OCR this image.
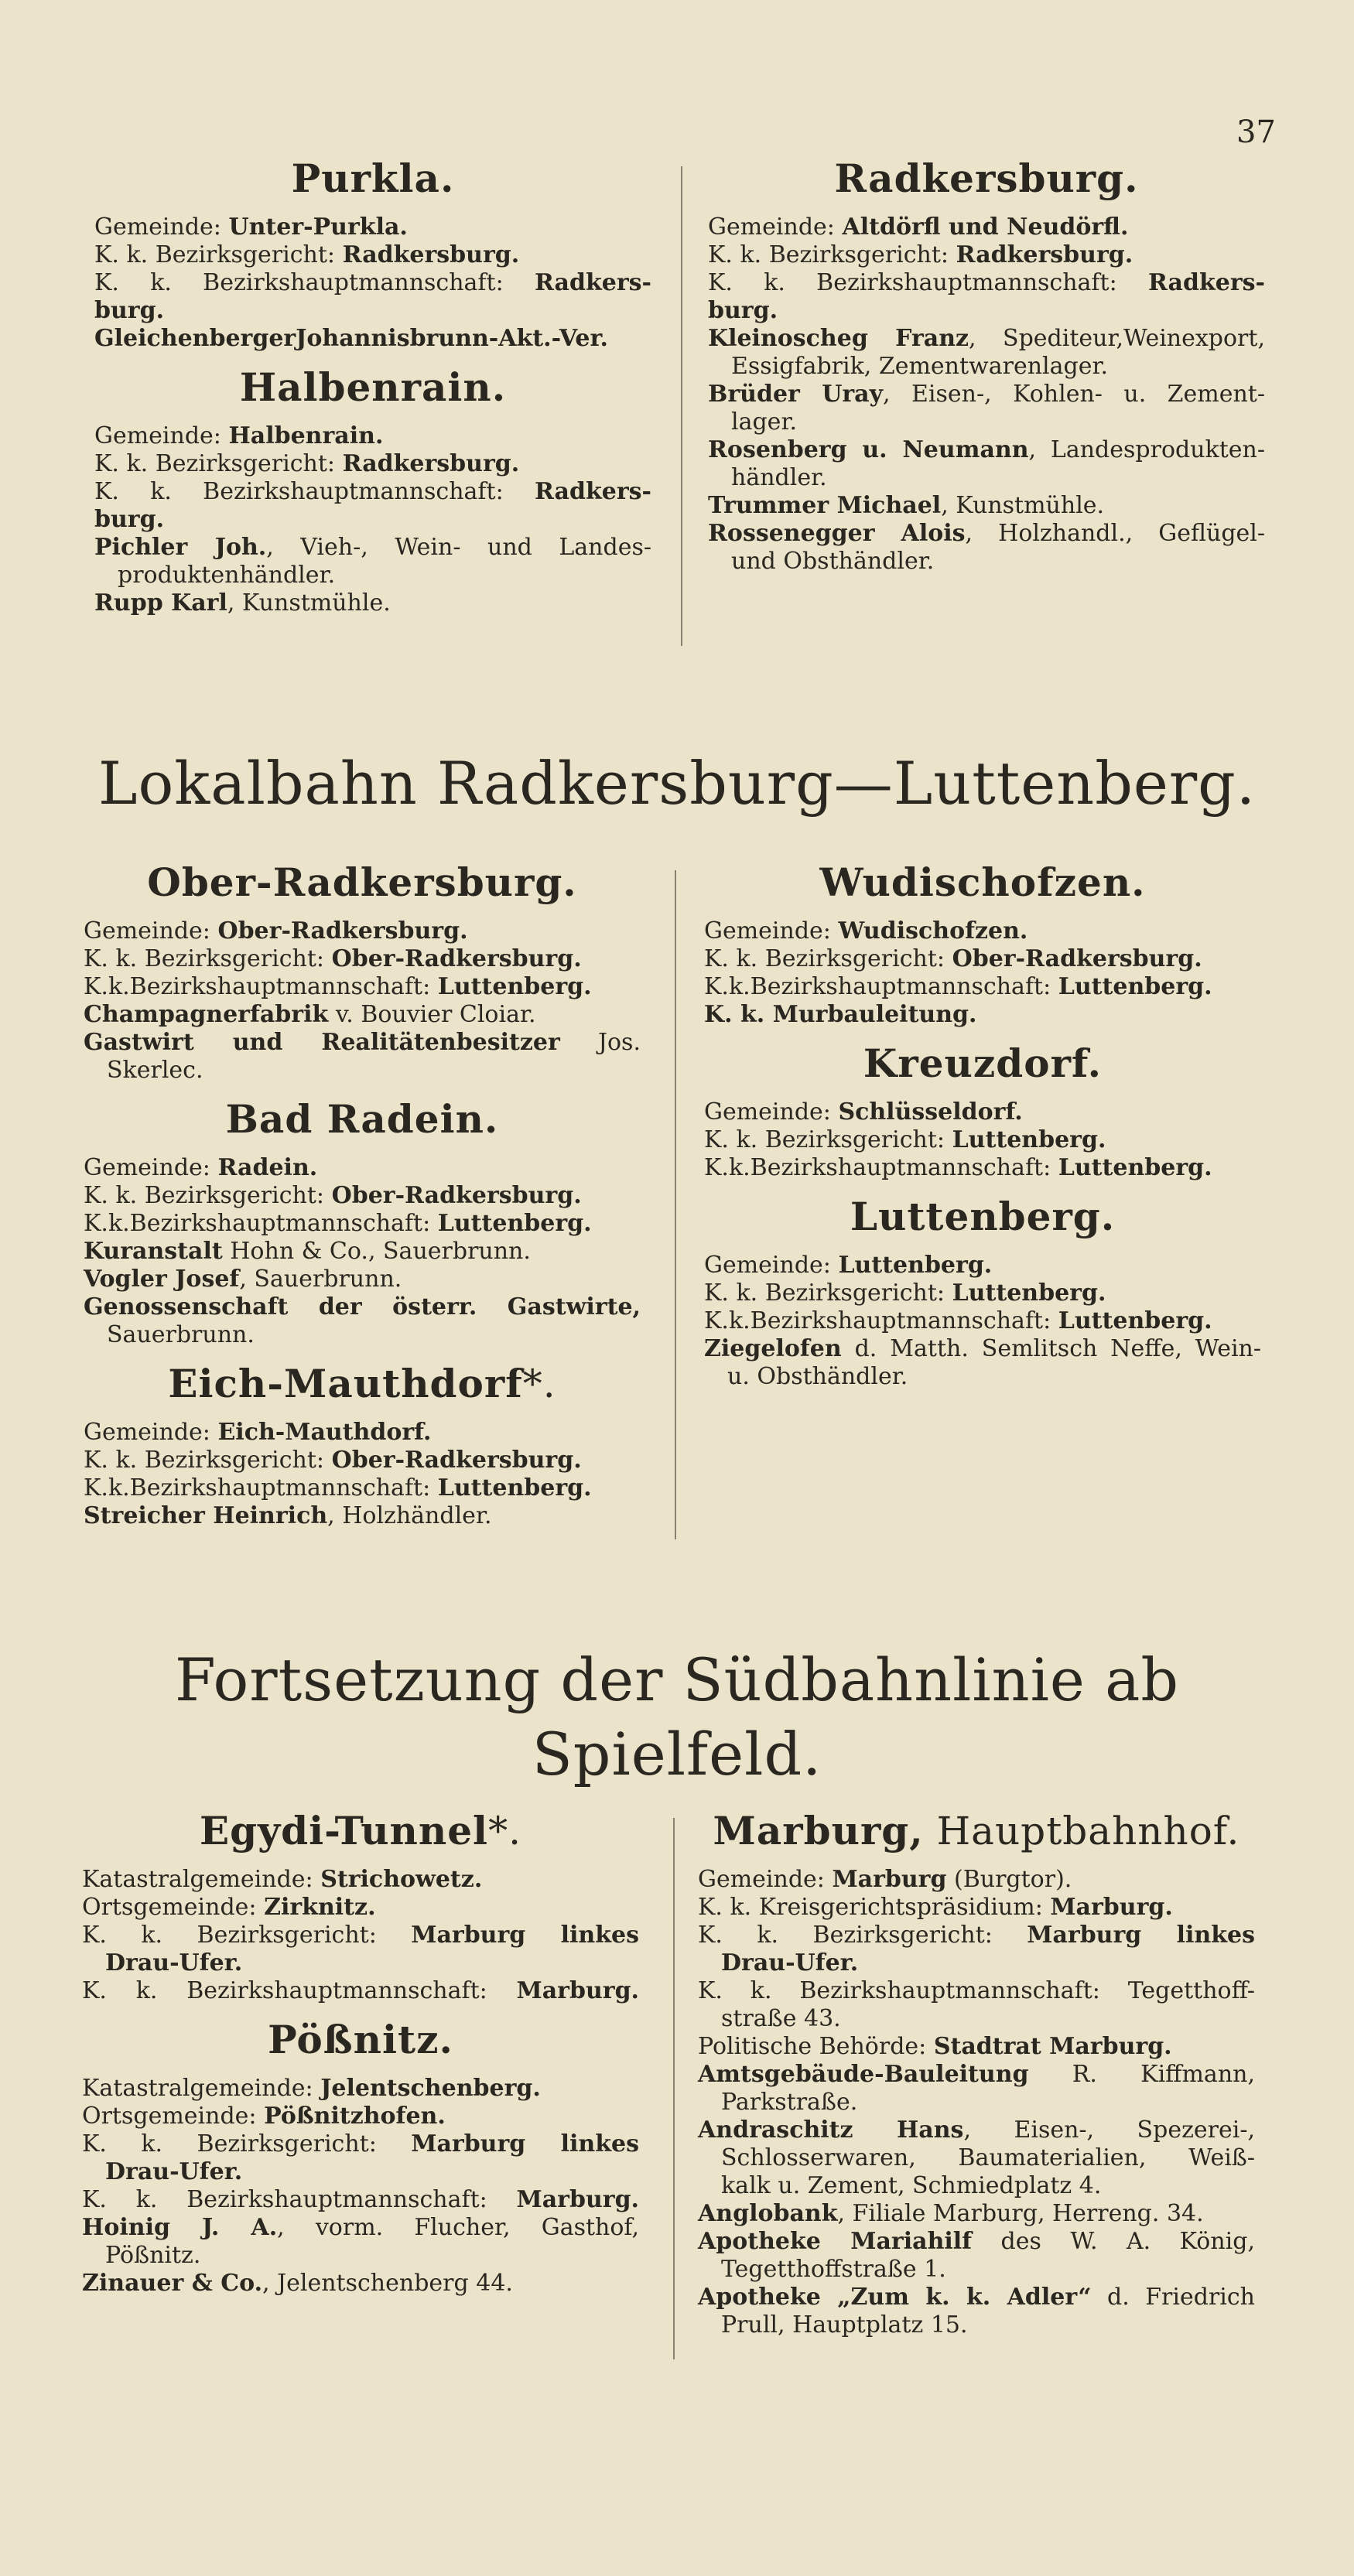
37
Purkla.
Gemeinde: Unter-Purkla.
K. k. Bezirksgericht: Radkersburg.
K. k. Bezirkshauptmannschaft: Radkers-
burg.
GleichenbergerJohannisbrunn-Akt.-Ver.
Halbenrain.
Gemeinde: Halbenrain.
K. k. Bezirksgericht: Radkersburg.
K. k. Bezirkshauptmannschaft: Radkers-
burg.
Pichler Joh., Vieh-, Wein- und Landes-
produktenhändler.
Rupp Karl, Kunstmühle.
Radkersburg.
Gemeinde: Altdörfl und Neudörfl.
K. k. Bezirksgericht: Radkersburg.
K. k. Bezirkshauptmannschaft: Radkers-
burg.
Kleinoscheg Franz, Spediteur,Weinexport,
Essigfabrik, Zementwarenlager.
Brüder Uray, Eisen-, Kohlen- u. Zement-
lager.
Rosenberg u. Neumann, Landesprodukten-
händler.
Trummer Michael, Kunstmühle.
Rossenegger Alois, Holzhandl., Geflügel-
und Obsthändler.
Lokalbahn Radkersburg—Luttenberg.
Ober-Radkersburg.
Gemeinde: Ober-Radkersburg.
K. k. Bezirksgericht: Ober-Radkersburg.
K.k.Bezirkshauptmannschaft: Luttenberg.
Champagnerfabrik v. Bouvier Cloiar.
Gastwirt und Realitätenbesitzer Jos.
Skerlec.
Bad Radein.
Gemeinde: Radein.
K. k. Bezirksgericht: Ober-Radkersburg.
K.k.Bezirkshauptmannschaft: Luttenberg.
Kuranstalt Hohn & Co., Sauerbrunn.
Vogler Josef, Sauerbrunn.
Genossenschaft der österr. Gastwirte,
Sauerbrunn.
Eich-Mauthdorf*.
Gemeinde: Eich-Mauthdorf.
K. k. Bezirksgericht: Ober-Radkersburg.
K.k.Bezirkshauptmannschaft: Luttenberg.
Streicher Heinrich, Holzhändler.
Wudischofzen.
Gemeinde: Wudischofzen.
K. k. Bezirksgericht: Ober-Radkersburg.
K.k.Bezirkshauptmannschaft: Luttenberg.
K. k. Murbauleitung.
Kreuzdorf.
Gemeinde: Schlüsseldorf.
K. k. Bezirksgericht: Luttenberg.
K.k.Bezirkshauptmannschaft: Luttenberg.
Luttenberg.
Gemeinde: Luttenberg.
K. k. Bezirksgericht: Luttenberg.
K.k.Bezirkshauptmannschaft: Luttenberg.
Ziegelofen d. Matth. Semlitsch Neffe, Wein-
u. Obsthändler.
Fortsetzung der Südbahnlinie ab Spielfeld.
Egydi-Tunnel*.
Katastralgemeinde: Strichowetz.
Ortsgemeinde: Zirknitz.
K. k. Bezirksgericht: Marburg linkes
Drau-Ufer.
K. k. Bezirkshauptmannschaft: Marburg.
Pößnitz.
Katastralgemeinde: Jelentschenberg.
Ortsgemeinde: Pößnitzhofen.
K. k. Bezirksgericht: Marburg linkes
Drau-Ufer.
K. k. Bezirkshauptmannschaft: Marburg.
Hoinig J. A., vorm. Flucher, Gasthof,
Pößnitz.
Zinauer & Co., Jelentschenberg 44.
Marburg, Hauptbahnhof.
Gemeinde: Marburg (Burgtor).
K. k. Kreisgerichtspräsidium: Marburg.
K. k. Bezirksgericht: Marburg linkes
Drau-Ufer.
K. k. Bezirkshauptmannschaft: Tegetthoff-
straße 43.
Politische Behörde: Stadtrat Marburg.
Amtsgebäude-Bauleitung R. Kiffmann,
Parkstraße.
Andraschitz Hans, Eisen-, Spezerei-,
Schlosserwaren, Baumaterialien, Weiß-
kalk u. Zement, Schmiedplatz 4.
Anglobank, Filiale Marburg, Herreng. 34.
Apotheke Mariahilf des W. A. König,
Tegetthoffstraße 1.
Apotheke „Zum k. k. Adler“ d. Friedrich
Prull, Hauptplatz 15.
